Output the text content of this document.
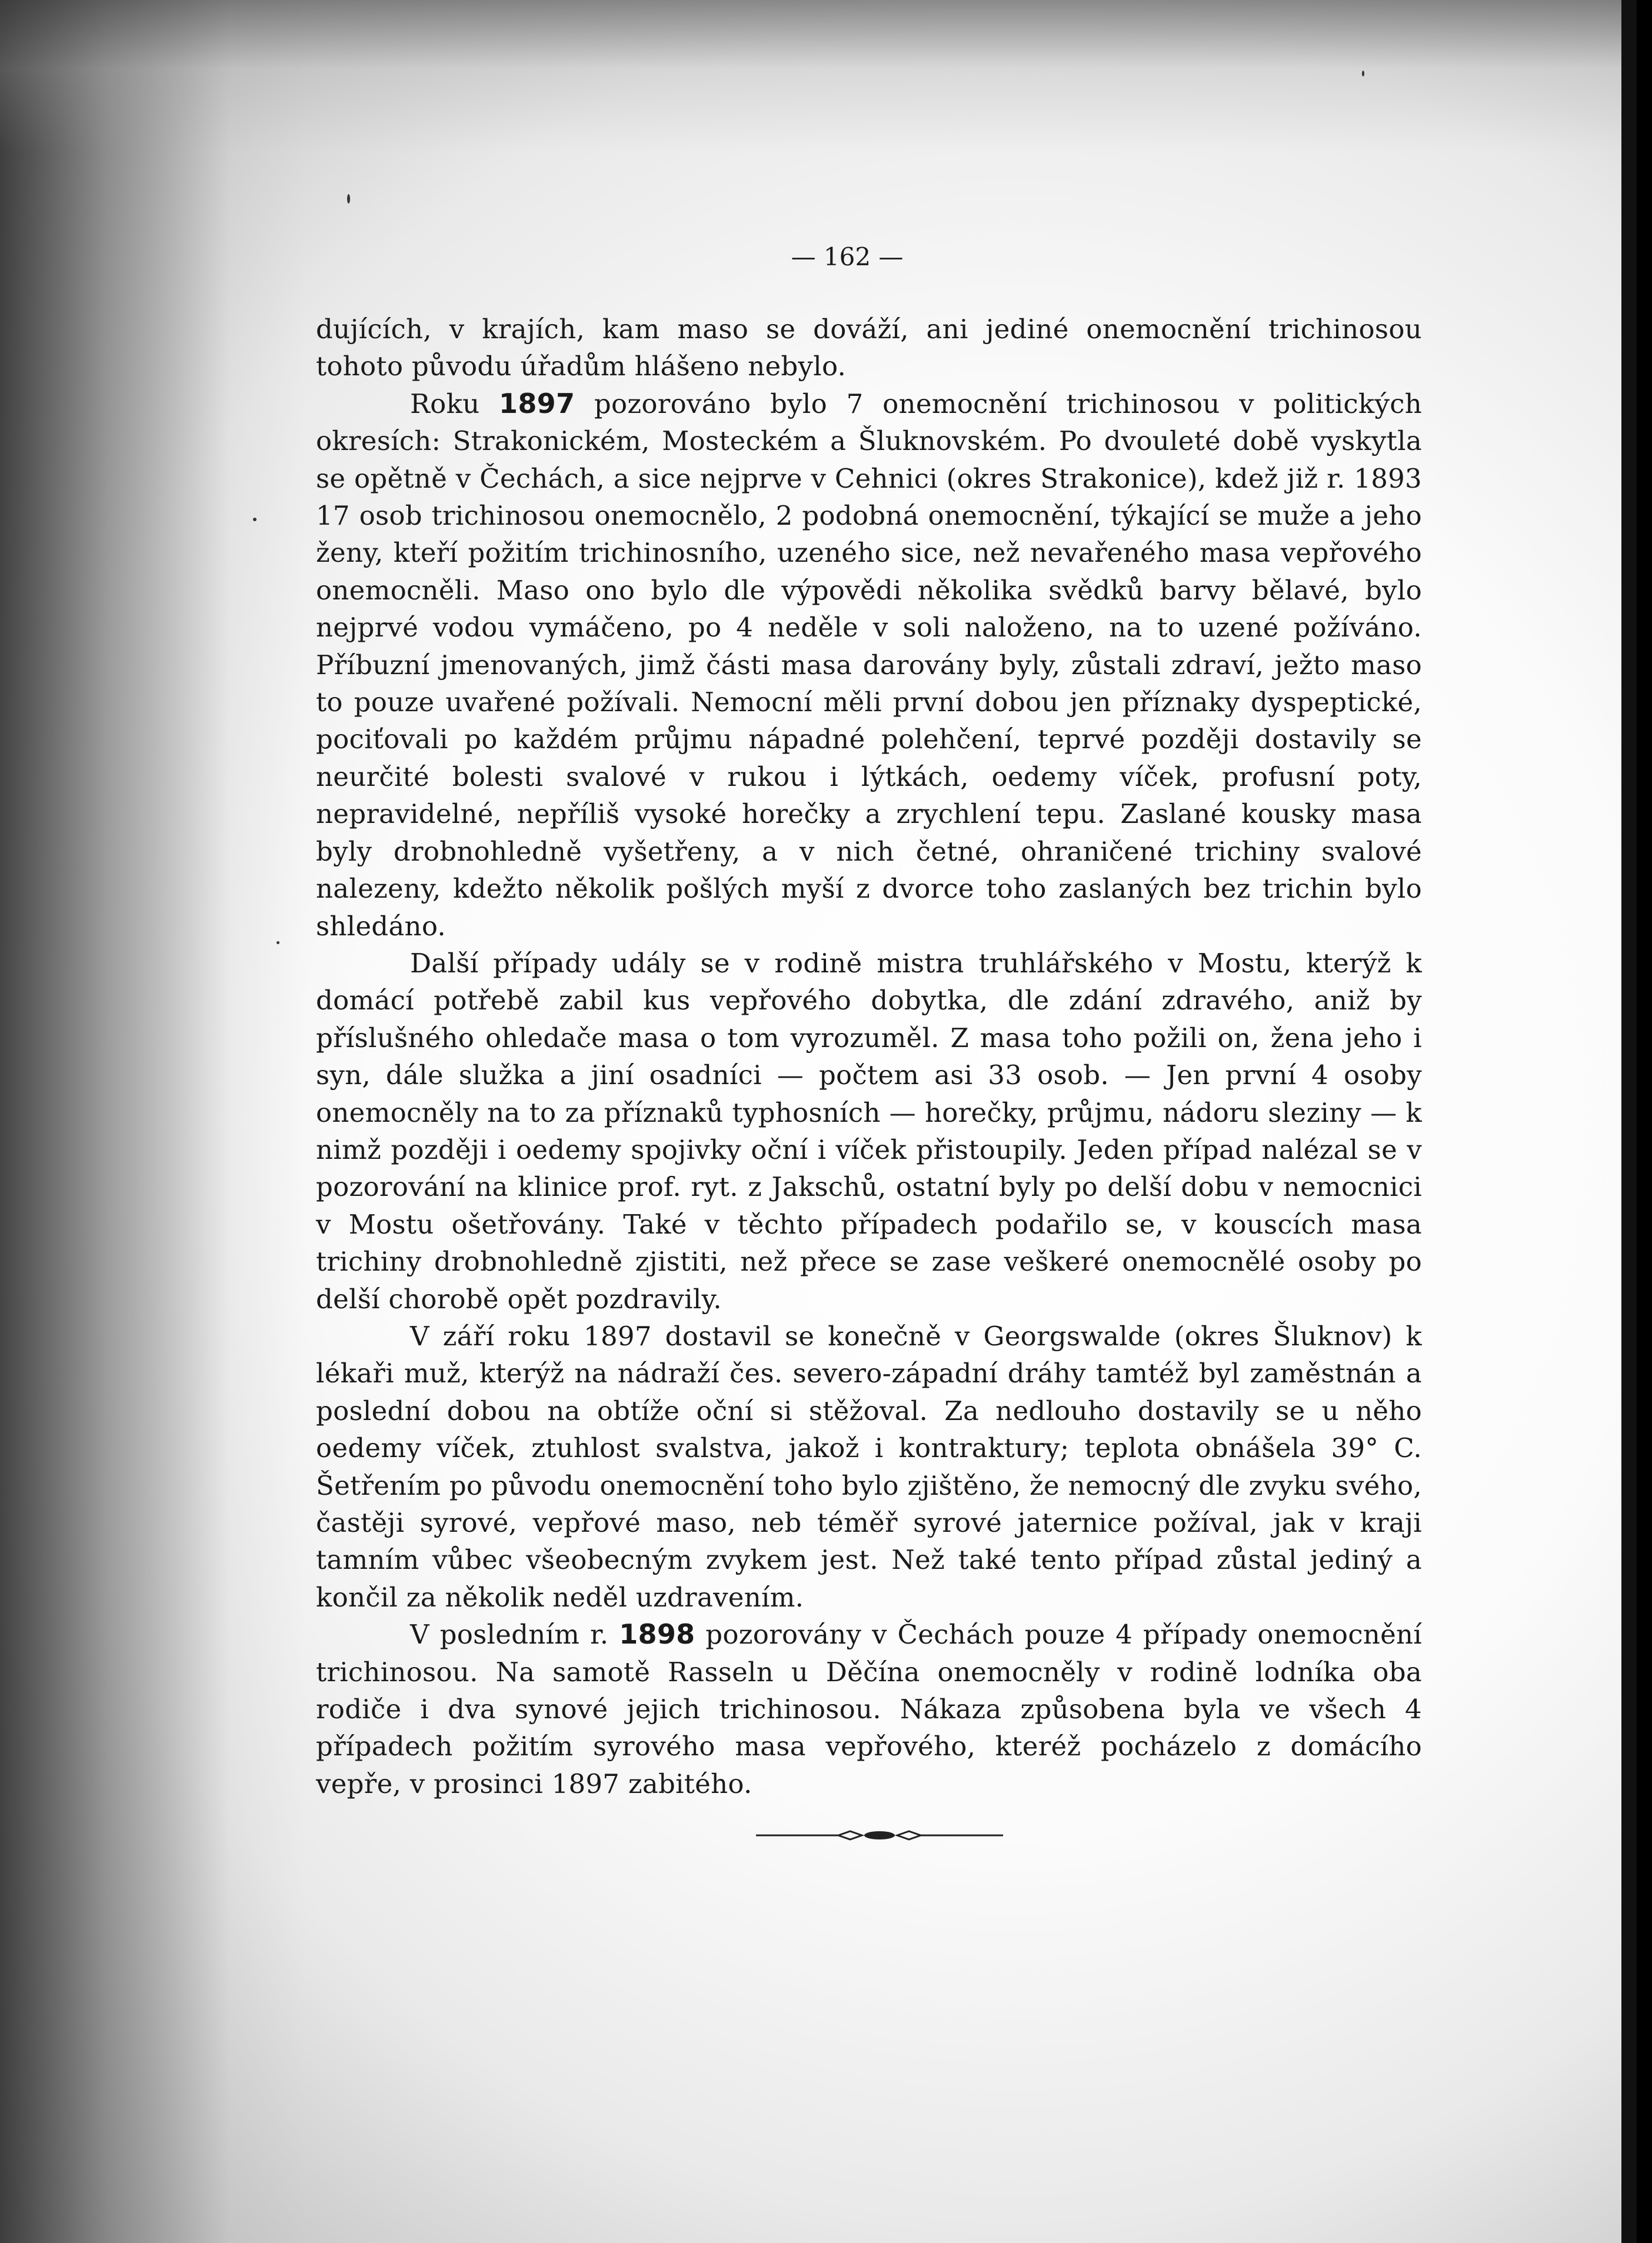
— 162 —

dujících, v krajích, kam maso se dováží, ani jediné onemocnění trichinosou tohoto původu úřadům hlášeno nebylo.

Roku 1897 pozorováno bylo 7 onemocnění trichinosou v politických okresích: Strakonickém, Mosteckém a Šluknovském. Po dvouleté době vyskytla se opětně v Čechách, a sice nejprve v Cehnici (okres Strakonice), kdež již r. 1893 17 osob trichinosou onemocnělo, 2 podobná onemocnění, týkající se muže a jeho ženy, kteří požitím trichinosního, uzeného sice, než nevařeného masa vepřového onemocněli. Maso ono bylo dle výpovědi několika svědků barvy bělavé, bylo nejprvé vodou vymáčeno, po 4 neděle v soli naloženo, na to uzené požíváno. Příbuzní jmenovaných, jimž části masa darovány byly, zůstali zdraví, ježto maso to pouze uvařené požívali. Nemocní měli první dobou jen příznaky dyspeptické, pociťovali po každém průjmu nápadné polehčení, teprvé později dostavily se neurčité bolesti svalové v rukou i lýtkách, oedemy víček, profusní poty, nepravidelné, nepříliš vysoké horečky a zrychlení tepu. Zaslané kousky masa byly drobnohledně vyšetřeny, a v nich četné, ohraničené trichiny svalové nalezeny, kdežto několik pošlých myší z dvorce toho zaslaných bez trichin bylo shledáno.

Další případy udály se v rodině mistra truhlářského v Mostu, kterýž k domácí potřebě zabil kus vepřového dobytka, dle zdání zdravého, aniž by příslušného ohledače masa o tom vyrozuměl. Z masa toho požili on, žena jeho i syn, dále služka a jiní osadníci — počtem asi 33 osob. — Jen první 4 osoby onemocněly na to za příznaků typhosních — horečky, průjmu, nádoru sleziny — k nimž později i oedemy spojivky oční i víček přistoupily. Jeden případ nalézal se v pozorování na klinice prof. ryt. z Jakschů, ostatní byly po delší dobu v nemocnici v Mostu ošetřovány. Také v těchto případech podařilo se, v kouscích masa trichiny drobnohledně zjistiti, než přece se zase veškeré onemocnělé osoby po delší chorobě opět pozdravily.

V září roku 1897 dostavil se konečně v Georgswalde (okres Šluknov) k lékaři muž, kterýž na nádraží čes. severo-západní dráhy tamtéž byl zaměstnán a poslední dobou na obtíže oční si stěžoval. Za nedlouho dostavily se u něho oedemy víček, ztuhlost svalstva, jakož i kontraktury; teplota obnášela 39° C. Šetřením po původu onemocnění toho bylo zjištěno, že nemocný dle zvyku svého, častěji syrové, vepřové maso, neb téměř syrové jaternice požíval, jak v kraji tamním vůbec všeobecným zvykem jest. Než také tento případ zůstal jediný a končil za několik neděl uzdravením.

V posledním r. 1898 pozorovány v Čechách pouze 4 případy onemocnění trichinosou. Na samotě Rasseln u Děčína onemocněly v rodině lodníka oba rodiče i dva synové jejich trichinosou. Nákaza způsobena byla ve všech 4 případech požitím syrového masa vepřového, kteréž pocházelo z domácího vepře, v prosinci 1897 zabitého.
